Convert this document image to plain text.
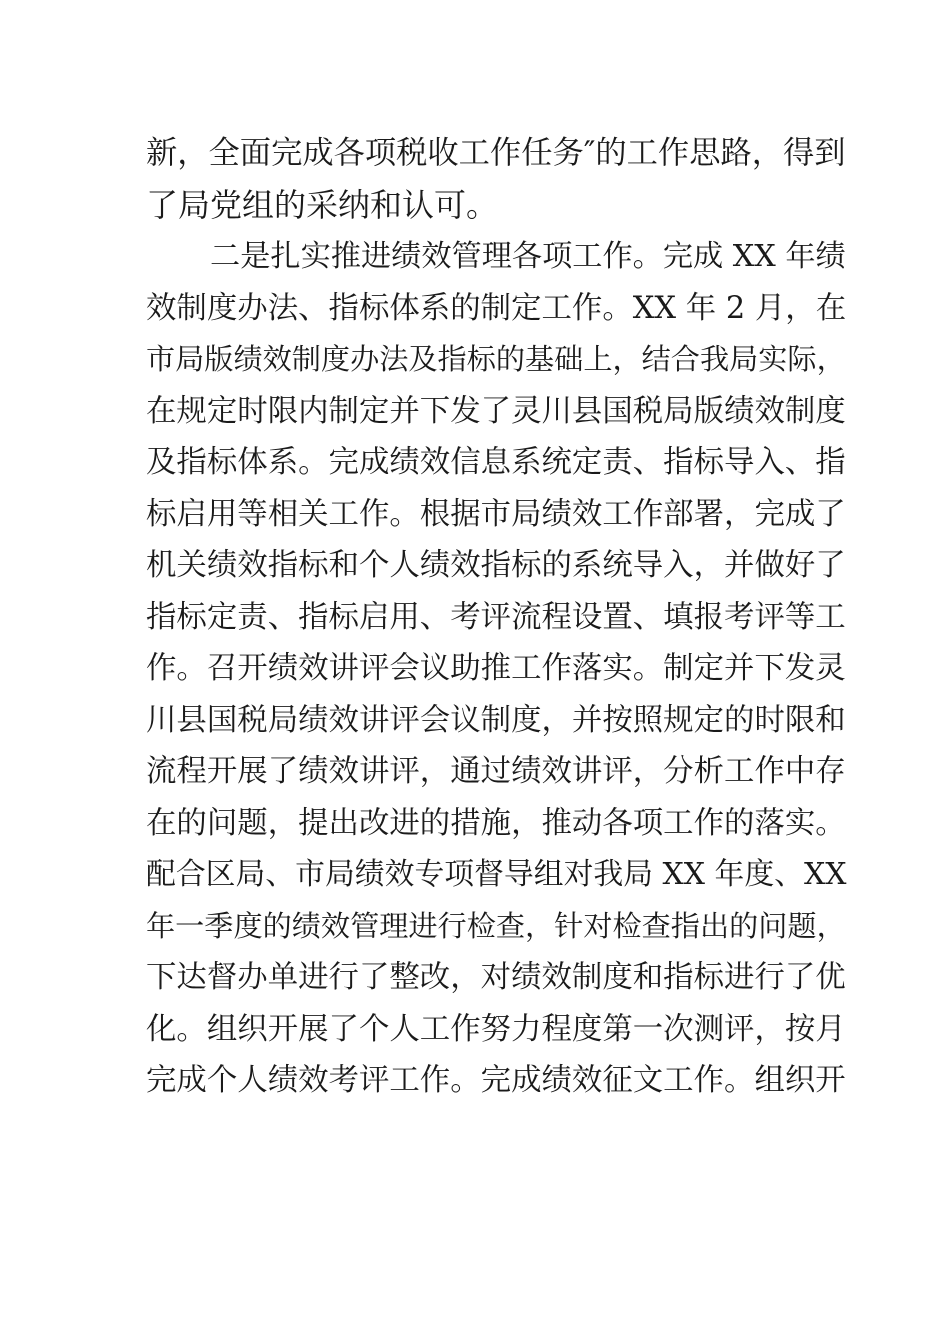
新，全面完成各项税收工作任务″的工作思路，得到
了局党组的采纳和认可。
二是扎实推进绩效管理各项工作。完成 XX 年绩
效制度办法、指标体系的制定工作。XX 年 2 月，在
市局版绩效制度办法及指标的基础上，结合我局实际，
在规定时限内制定并下发了灵川县国税局版绩效制度
及指标体系。完成绩效信息系统定责、指标导入、指
标启用等相关工作。根据市局绩效工作部署，完成了
机关绩效指标和个人绩效指标的系统导入，并做好了
指标定责、指标启用、考评流程设置、填报考评等工
作。召开绩效讲评会议助推工作落实。制定并下发灵
川县国税局绩效讲评会议制度，并按照规定的时限和
流程开展了绩效讲评，通过绩效讲评，分析工作中存
在的问题，提出改进的措施，推动各项工作的落实。
配合区局、市局绩效专项督导组对我局 XX 年度、XX
年一季度的绩效管理进行检查，针对检查指出的问题，
下达督办单进行了整改，对绩效制度和指标进行了优
化。组织开展了个人工作努力程度第一次测评，按月
完成个人绩效考评工作。完成绩效征文工作。组织开
